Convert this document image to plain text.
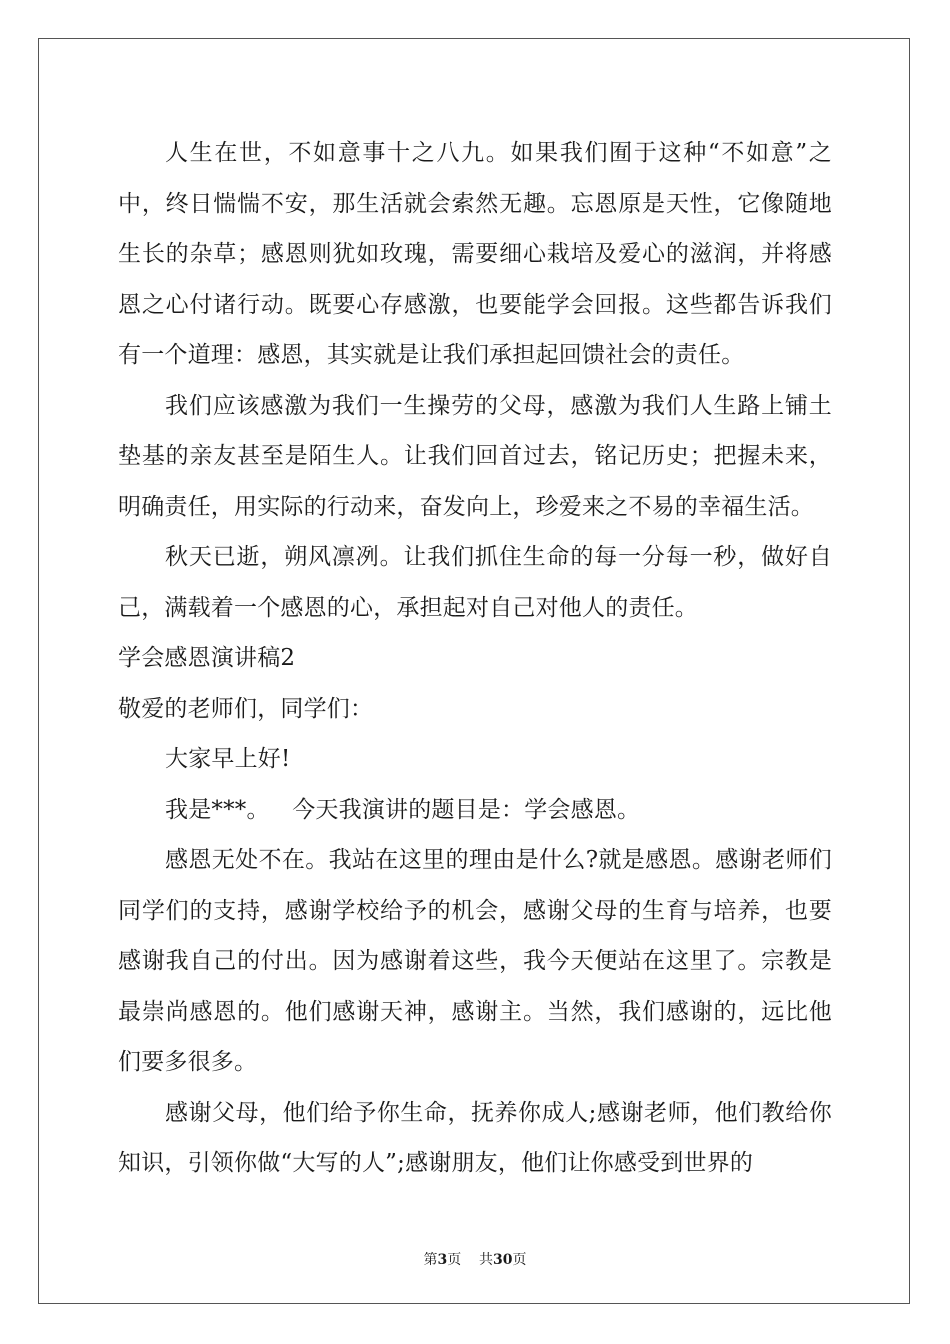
人生在世，不如意事十之八九。如果我们囿于这种“不如意”之中，终日惴惴不安，那生活就会索然无趣。忘恩原是天性，它像随地生长的杂草；感恩则犹如玫瑰，需要细心栽培及爱心的滋润，并将感恩之心付诸行动。既要心存感激，也要能学会回报。这些都告诉我们有一个道理：感恩，其实就是让我们承担起回馈社会的责任。

我们应该感激为我们一生操劳的父母，感激为我们人生路上铺土垫基的亲友甚至是陌生人。让我们回首过去，铭记历史；把握未来，明确责任，用实际的行动来，奋发向上，珍爱来之不易的幸福生活。

秋天已逝，朔风凛冽。让我们抓住生命的每一分每一秒，做好自己，满载着一个感恩的心，承担起对自己对他人的责任。

学会感恩演讲稿2

敬爱的老师们，同学们：

大家早上好!

我是***。   今天我演讲的题目是：学会感恩。

感恩无处不在。我站在这里的理由是什么?就是感恩。感谢老师们同学们的支持，感谢学校给予的机会，感谢父母的生育与培养，也要感谢我自己的付出。因为感谢着这些，我今天便站在这里了。宗教是最崇尚感恩的。他们感谢天神，感谢主。当然，我们感谢的，远比他们要多很多。

感谢父母，他们给予你生命，抚养你成人;感谢老师，他们教给你知识，引领你做“大写的人”;感谢朋友，他们让你感受到世界的

第3页 共30页
